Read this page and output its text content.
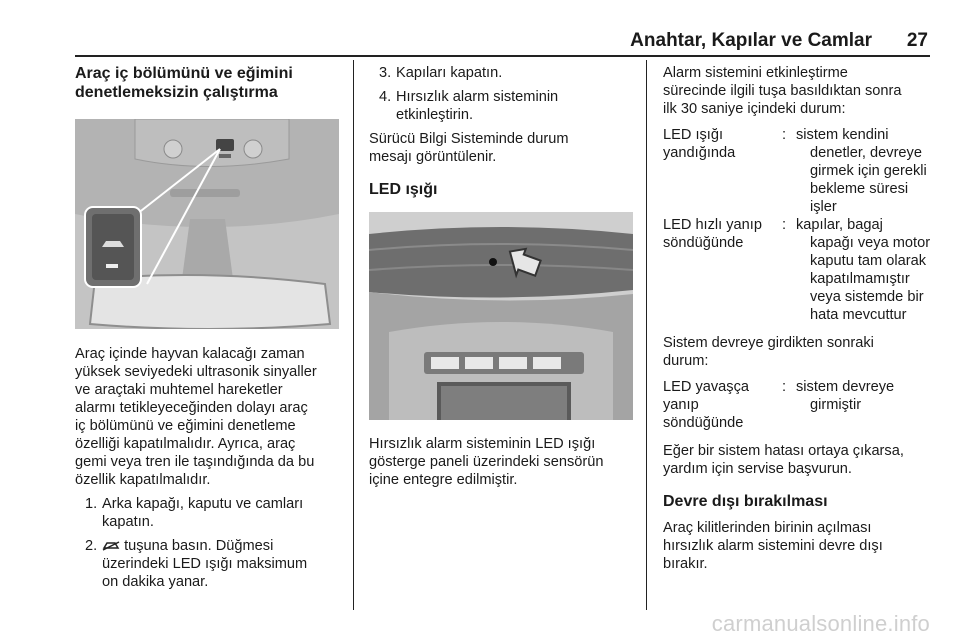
Anahtar, Kapılar ve Camlar 27
Araç iç bölümünü ve eğimini
denetlemeksizin çalıştırma

Araç içinde hayvan kalacağı zaman
yüksek seviyedeki ultrasonik sinyaller
ve araçtaki muhtemel hareketler
alarmı tetikleyeceğinden dolayı araç
iç bölümünü ve eğimini denetleme
özelliği kapatılmalıdır. Ayrıca, araç
gemi veya tren ile taşındığında da bu
özellik kapatılmalıdır.

1. Arka kapağı, kaputu ve camları
kapatın.
2. tuşuna basın. Düğmesi
üzerindeki LED ışığı maksimum
on dakika yanar.
3. Kapıları kapatın.
4. Hırsızlık alarm sisteminin
etkinleştirin.

Sürücü Bilgi Sisteminde durum
mesajı görüntülenir.

LED ışığı

Hırsızlık alarm sisteminin LED ışığı
gösterge paneli üzerindeki sensörün
içine entegre edilmiştir.

Alarm sistemini etkinleştirme
sürecinde ilgili tuşa basıldıktan sonra
ilk 30 saniye içindeki durum:

LED ışığı
yandığında
: sistem kendini
denetler, devreye
girmek için gerekli
bekleme süresi
işler
LED hızlı yanıp
söndüğünde
: kapılar, bagaj
kapağı veya motor
kaputu tam olarak
kapatılmamıştır
veya sistemde bir
hata mevcuttur

Sistem devreye girdikten sonraki
durum:

LED yavaşça
yanıp
söndüğünde
: sistem devreye
girmiştir

Eğer bir sistem hatası ortaya çıkarsa,
yardım için servise başvurun.

Devre dışı bırakılması

Araç kilitlerinden birinin açılması
hırsızlık alarm sistemini devre dışı
bırakır.

carmanualsonline.info
